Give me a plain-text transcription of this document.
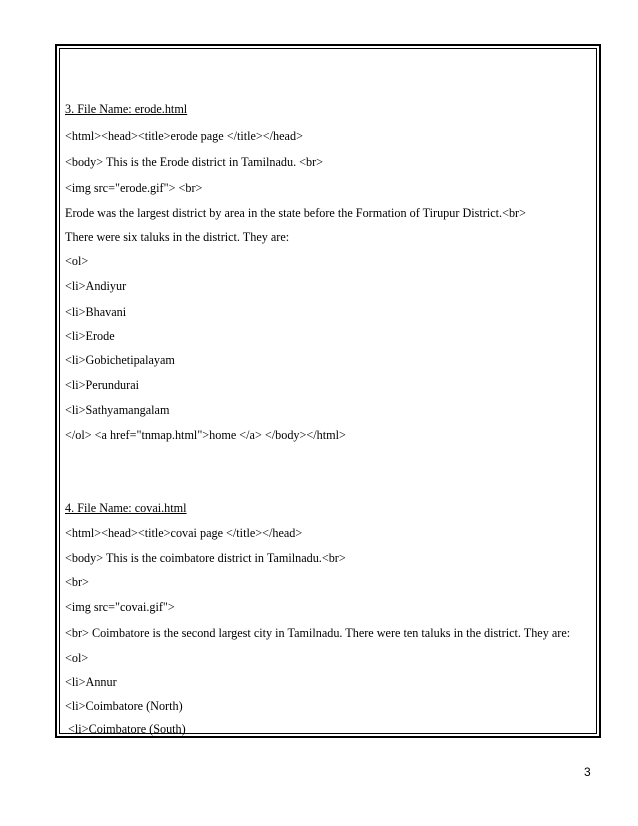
3. File Name: erode.html
<html><head><title>erode page </title></head>
<body> This is the Erode district in Tamilnadu. <br>
<img src="erode.gif"> <br>
Erode was the largest district by area in the state before the Formation of Tirupur District.<br>
There were six taluks in the district. They are:
<ol>
<li>Andiyur
<li>Bhavani
<li>Erode
<li>Gobichetipalayam
<li>Perundurai
<li>Sathyamangalam
</ol> <a href="tnmap.html">home </a> </body></html>
4. File Name: covai.html
<html><head><title>covai page </title></head>
<body> This is the coimbatore district in Tamilnadu.<br>
<br>
<img src="covai.gif">
<br> Coimbatore is the second largest city in Tamilnadu. There were ten taluks in the district. They are:
<ol>
<li>Annur
<li>Coimbatore (North)
<li>Coimbatore (South)
3
